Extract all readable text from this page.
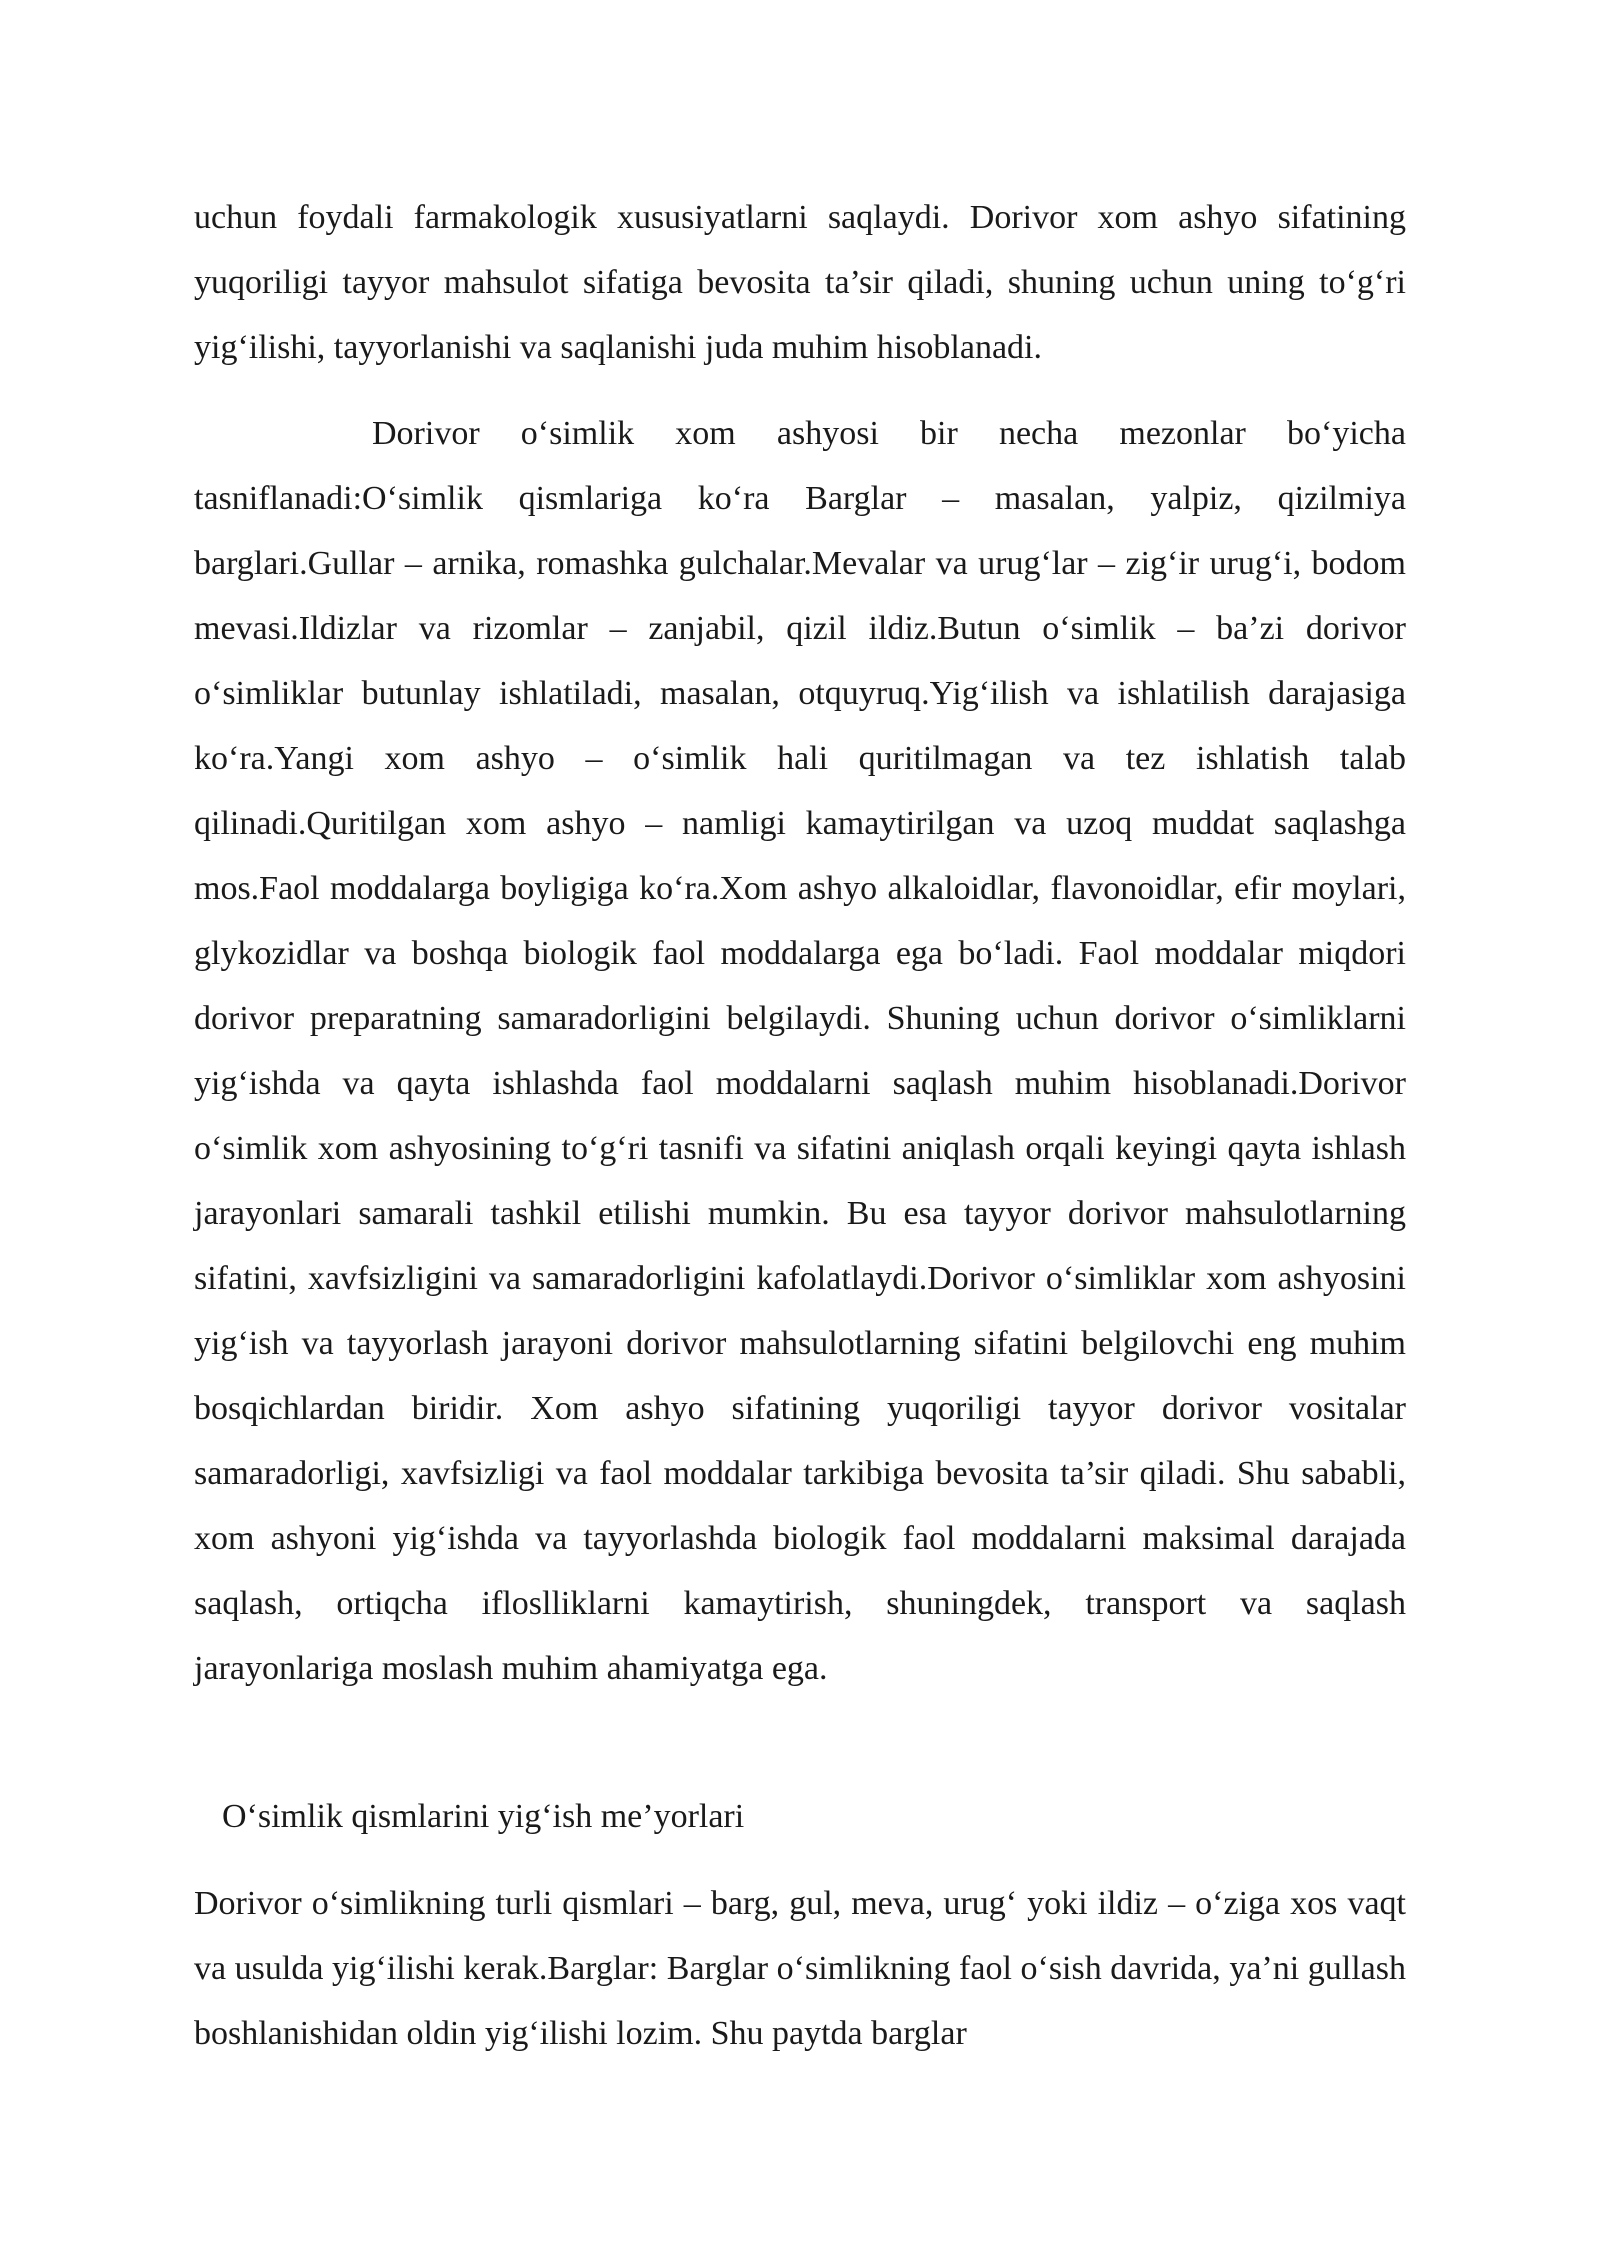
uchun foydali farmakologik xususiyatlarni saqlaydi. Dorivor xom ashyo sifatining yuqoriligi tayyor mahsulot sifatiga bevosita ta’sir qiladi, shuning uchun uning to‘g‘ri yig‘ilishi, tayyorlanishi va saqlanishi juda muhim hisoblanadi.

Dorivor o‘simlik xom ashyosi bir necha mezonlar bo‘yicha tasniflanadi:O‘simlik qismlariga ko‘ra Barglar – masalan, yalpiz, qizilmiya barglari.Gullar – arnika, romashka gulchalar.Mevalar va urug‘lar – zig‘ir urug‘i, bodom mevasi.Ildizlar va rizomlar – zanjabil, qizil ildiz.Butun o‘simlik – ba’zi dorivor o‘simliklar butunlay ishlatiladi, masalan, otquyruq.Yig‘ilish va ishlatilish darajasiga ko‘ra.Yangi xom ashyo – o‘simlik hali quritilmagan va tez ishlatish talab qilinadi.Quritilgan xom ashyo – namligi kamaytirilgan va uzoq muddat saqlashga mos.Faol moddalarga boyligiga ko‘ra.Xom ashyo alkaloidlar, flavonoidlar, efir moylari, glykozidlar va boshqa biologik faol moddalarga ega bo‘ladi. Faol moddalar miqdori dorivor preparatning samaradorligini belgilaydi. Shuning uchun dorivor o‘simliklarni yig‘ishda va qayta ishlashda faol moddalarni saqlash muhim hisoblanadi.Dorivor o‘simlik xom ashyosining to‘g‘ri tasnifi va sifatini aniqlash orqali keyingi qayta ishlash jarayonlari samarali tashkil etilishi mumkin. Bu esa tayyor dorivor mahsulotlarning sifatini, xavfsizligini va samaradorligini kafolatlaydi.Dorivor o‘simliklar xom ashyosini yig‘ish va tayyorlash jarayoni dorivor mahsulotlarning sifatini belgilovchi eng muhim bosqichlardan biridir. Xom ashyo sifatining yuqoriligi tayyor dorivor vositalar samaradorligi, xavfsizligi va faol moddalar tarkibiga bevosita ta’sir qiladi. Shu sababli, xom ashyoni yig‘ishda va tayyorlashda biologik faol moddalarni maksimal darajada saqlash, ortiqcha ifloslliklarni kamaytirish, shuningdek, transport va saqlash jarayonlariga moslash muhim ahamiyatga ega.

O‘simlik qismlarini yig‘ish me’yorlari

Dorivor o‘simlikning turli qismlari – barg, gul, meva, urug‘ yoki ildiz – o‘ziga xos vaqt va usulda yig‘ilishi kerak.Barglar: Barglar o‘simlikning faol o‘sish davrida, ya’ni gullash boshlanishidan oldin yig‘ilishi lozim. Shu paytda barglar
